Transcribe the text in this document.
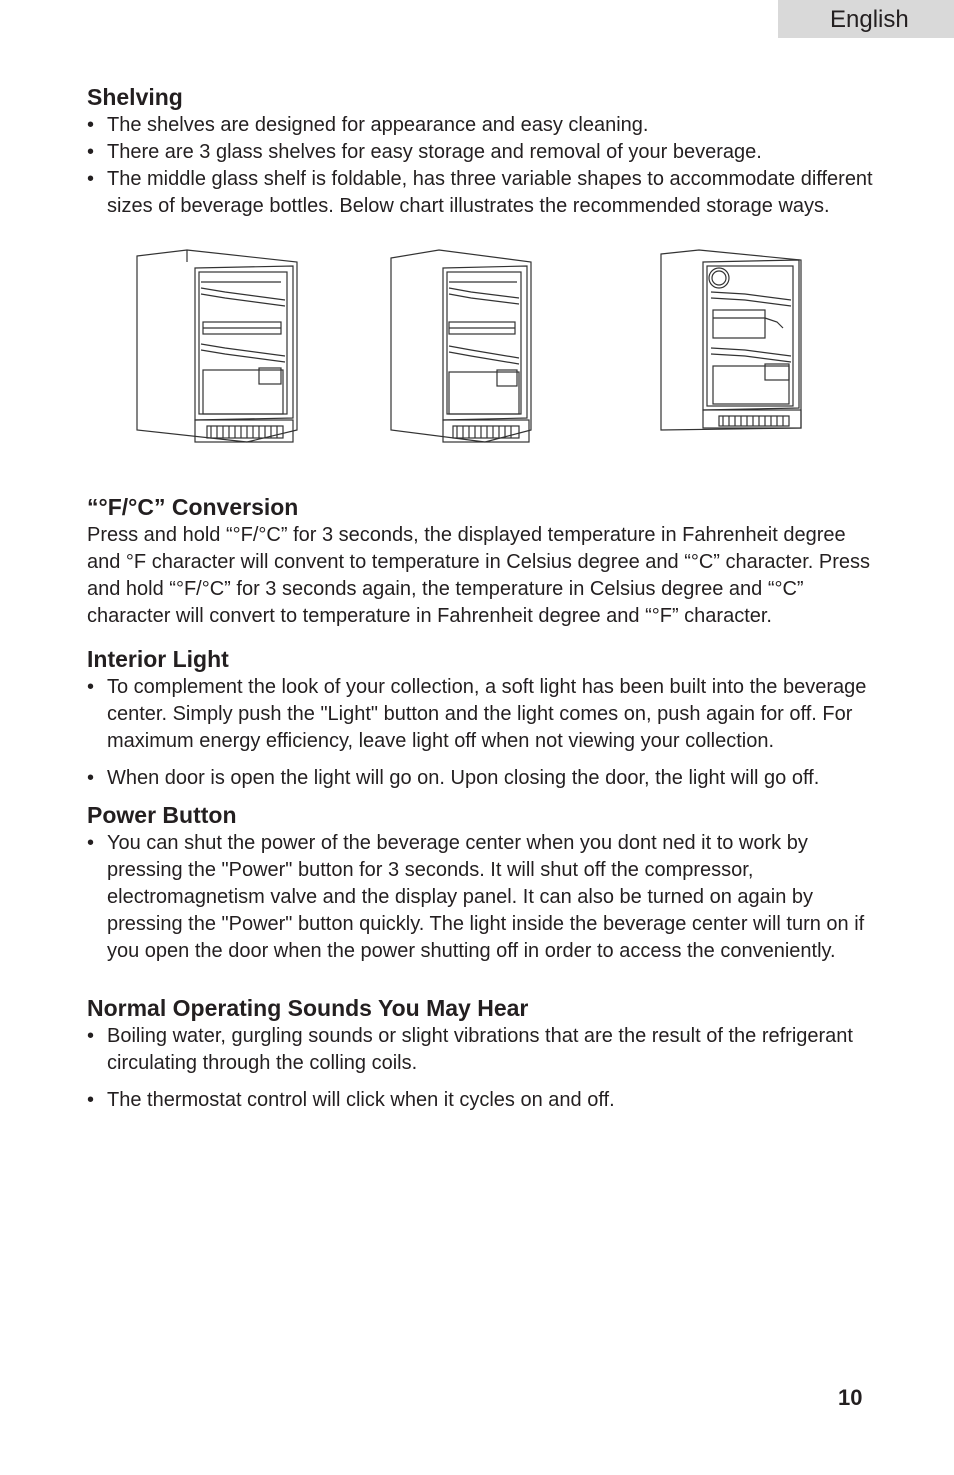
English
Shelving
• The shelves are designed for appearance and easy cleaning.
• There are 3 glass shelves for easy storage and removal of your beverage.
• The middle glass shelf is foldable, has three variable shapes to accommodate different sizes of beverage bottles. Below chart illustrates the recommended storage ways.
“°F/°C” Conversion

Press and hold “°F/°C” for 3 seconds, the displayed temperature in Fahrenheit degree and °F character will convent to temperature in Celsius degree and “°C” character. Press and hold “°F/°C” for 3 seconds again, the temperature in Celsius degree and “°C” character will convert to temperature in Fahrenheit degree and “°F” character.

Interior Light
• To complement the look of your collection, a soft light has been built into the beverage center. Simply push the "Light" button and the light comes on, push again for off. For maximum energy efficiency, leave light off when not viewing your collection.
• When door is open the light will go on. Upon closing the door, the light will go off.
Power Button
• You can shut the power of the beverage center when you dont ned it to work by pressing the "Power" button for 3 seconds. It will shut off the compressor, electromagnetism valve and the display panel. It can also be turned on again by pressing the "Power" button quickly. The light inside the beverage center will turn on if you open the door when the power shutting off in order to access the conveniently.
Normal Operating Sounds You May Hear
• Boiling water, gurgling sounds or slight vibrations that are the result of the refrigerant circulating through the colling coils.
• The thermostat control will click when it cycles on and off.
10
